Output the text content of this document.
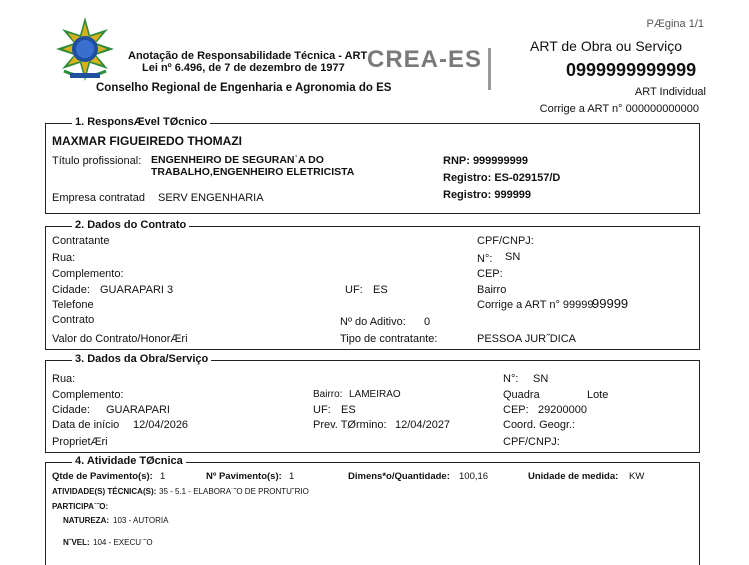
Anotação de Responsabilidade Técnica - ART
Lei nº 6.496, de 7 de dezembro de 1977 CREA-ES
Conselho Regional de Engenharia e Agronomia do ES
PÆgina 1/1
ART de Obra ou Serviço
0999999999999
ART Individual
Corrige a ART n° 000000000000
1. ResponsÆvel TØcnico
MAXMAR FIGUEIREDO THOMAZI
Título profissional: ENGENHEIRO DE SEGURAN˙A DO
TRABALHO,ENGENHEIRO ELETRICISTA
Empresa contratad SERV ENGENHARIA
RNP: 999999999
Registro: ES-029157/D
Registro: 999999
2. Dados do Contrato
Contratante	CPF/CNPJ:
Rua:	N°: SN
Complemento:	CEP:
Cidade: GUARAPARI 3	UF: ES	Bairro
Telefone	Corrige a ART n° 99999
99999
Contrato	Nº do Aditivo: 0
Valor do Contrato/HonorÆri	Tipo de contratante:	PESSOA JUR˝DICA
3. Dados da Obra/Serviço
Rua:	N°: SN
Complemento:	Bairro: LAMEIRAO	Quadra	Lote
Cidade: GUARAPARI	UF: ES	CEP: 29200000
Data de início 12/04/2026	Prev. TØrmino: 12/04/2027	Coord. Geogr.:
ProprietÆri	CPF/CNPJ:
4. Atividade TØcnica
Qtde de Pavimento(s): 1	Nº Pavimento(s): 1	Dimens*o/Quantidade: 100,16	Unidade de medida: KW
ATIVIDADE(S) TÉCNICA(S): 35 - 5.1 - ELABORA˙˜O DE PRONTU˘RIO
PARTICIPA˙˜O:
NATUREZA: 103 - AUTORIA
N˝VEL: 104 - EXECU˙˜O
